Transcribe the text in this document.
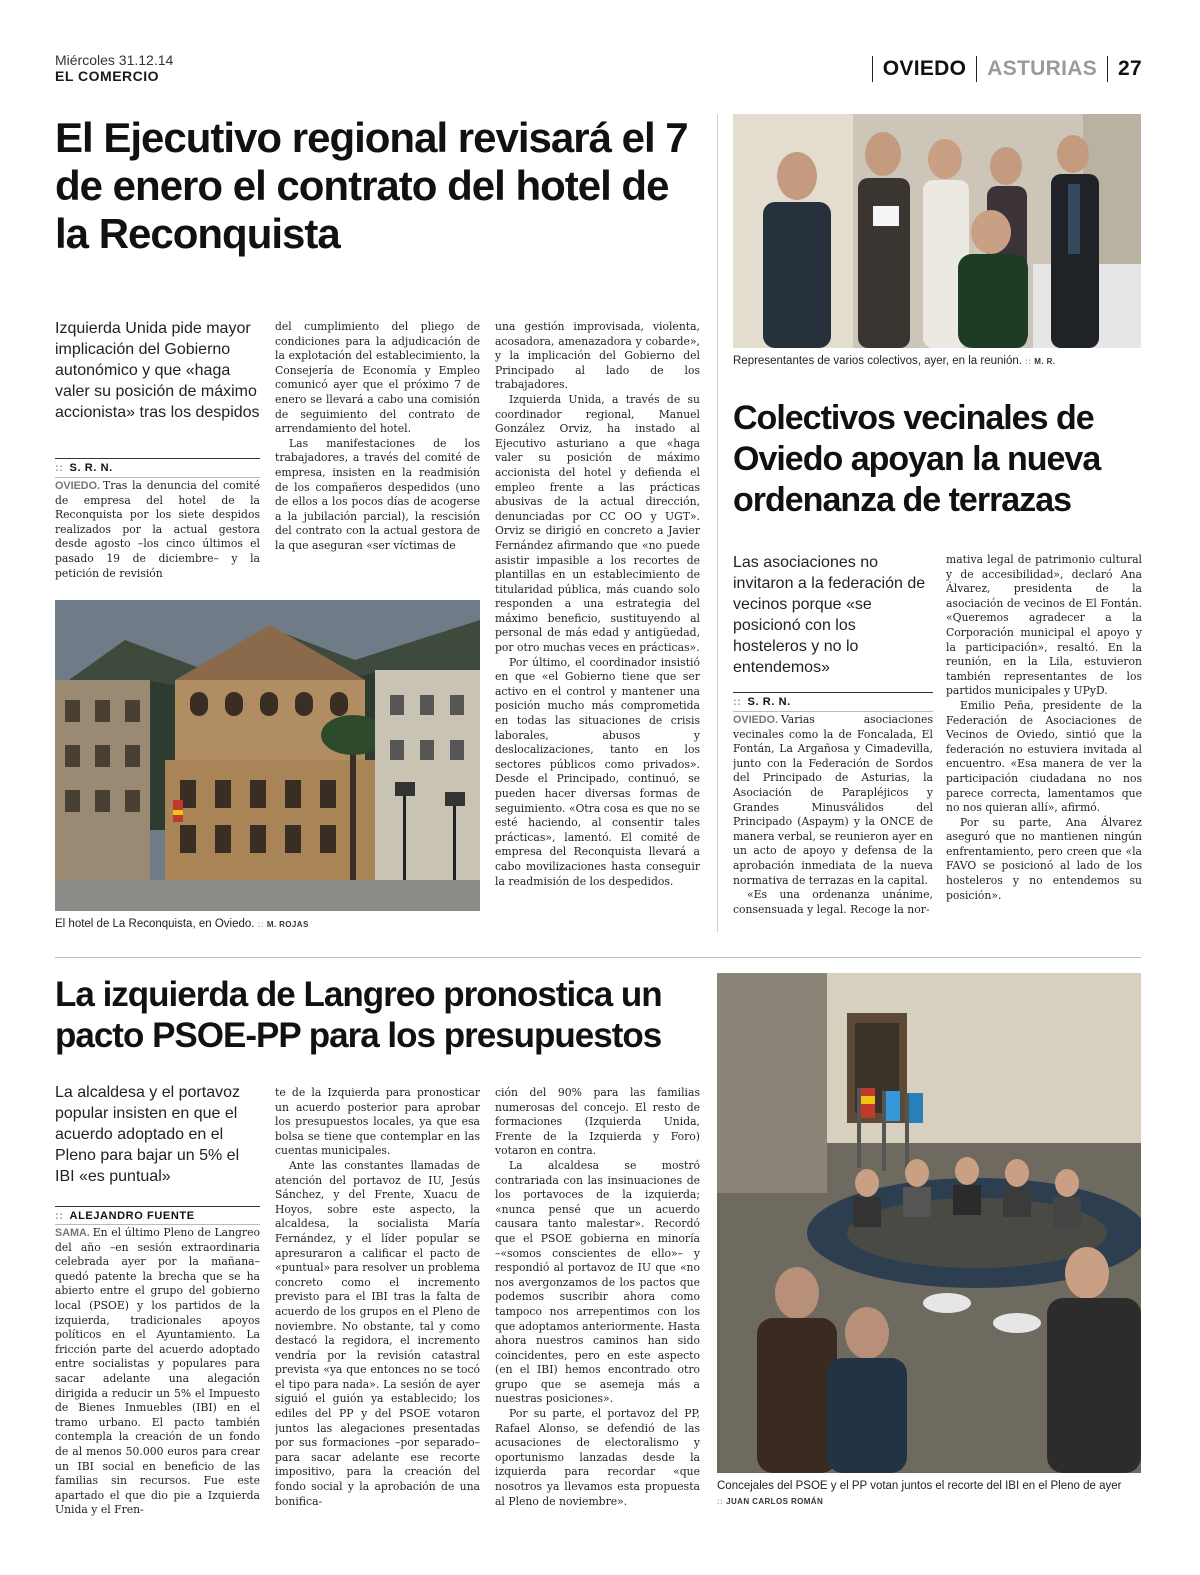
Miércoles 31.12.14
EL COMERCIO	OVIEDO ASTURIAS 27
El Ejecutivo regional revisará el 7 de enero el contrato del hotel de la Reconquista
Izquierda Unida pide mayor implicación del Gobierno autonómico y que «haga valer su posición de máximo accionista» tras los despidos
:: S. R. N.

OVIEDO. Tras la denuncia del comité de empresa del hotel de la Reconquista por los siete despidos realizados por la actual gestora desde agosto –los cinco últimos el pasado 19 de diciembre– y la petición de revisión

del cumplimiento del pliego de condiciones para la adjudicación de la explotación del establecimiento, la Consejería de Economía y Empleo comunicó ayer que el próximo 7 de enero se llevará a cabo una comisión de seguimiento del contrato de arrendamiento del hotel.

Las manifestaciones de los trabajadores, a través del comité de empresa, insisten en la readmisión de los compañeros despedidos (uno de ellos a los pocos días de acogerse a la jubilación parcial), la rescisión del contrato con la actual gestora de la que aseguran «ser víctimas de

una gestión improvisada, violenta, acosadora, amenazadora y cobarde», y la implicación del Gobierno del Principado al lado de los trabajadores.

Izquierda Unida, a través de su coordinador regional, Manuel González Orviz, ha instado al Ejecutivo asturiano a que «haga valer su posición de máximo accionista del hotel y defienda el empleo frente a las prácticas abusivas de la actual dirección, denunciadas por CC OO y UGT». Orviz se dirigió en concreto a Javier Fernández afirmando que «no puede asistir impasible a los recortes de plantillas en un establecimiento de titularidad pública, más cuando solo responden a una estrategia del máximo beneficio, sustituyendo al personal de más edad y antigüedad, por otro muchas veces en prácticas».

Por último, el coordinador insistió en que «el Gobierno tiene que ser activo en el control y mantener una posición mucho más comprometida en todas las situaciones de crisis laborales, abusos y deslocalizaciones, tanto en los sectores públicos como privados». Desde el Principado, continuó, se pueden hacer diversas formas de seguimiento. «Otra cosa es que no se esté haciendo, al consentir tales prácticas», lamentó. El comité de empresa del Reconquista llevará a cabo movilizaciones hasta conseguir la readmisión de los despedidos.

El hotel de La Reconquista, en Oviedo. :: M. ROJAS
Representantes de varios colectivos, ayer, en la reunión. :: M. R.
Colectivos vecinales de Oviedo apoyan la nueva ordenanza de terrazas
Las asociaciones no invitaron a la federación de vecinos porque «se posicionó con los hosteleros y no lo entendemos»
:: S. R. N.

OVIEDO. Varias asociaciones vecinales como la de Foncalada, El Fontán, La Argañosa y Cimadevilla, junto con la Federación de Sordos del Principado de Asturias, la Asociación de Parapléjicos y Grandes Minusválidos del Principado (Aspaym) y la ONCE de manera verbal, se reunieron ayer en un acto de apoyo y defensa de la aprobación inmediata de la nueva normativa de terrazas en la capital.

«Es una ordenanza unánime, consensuada y legal. Recoge la nor-

mativa legal de patrimonio cultural y de accesibilidad», declaró Ana Álvarez, presidenta de la asociación de vecinos de El Fontán. «Queremos agradecer a la Corporación municipal el apoyo y la participación», resaltó. En la reunión, en la Lila, estuvieron también representantes de los partidos municipales y UPyD.

Emilio Peña, presidente de la Federación de Asociaciones de Vecinos de Oviedo, sintió que la federación no estuviera invitada al encuentro. «Esa manera de ver la participación ciudadana no nos parece correcta, lamentamos que no nos quieran allí», afirmó.

Por su parte, Ana Álvarez aseguró que no mantienen ningún enfrentamiento, pero creen que «la FAVO se posicionó al lado de los hosteleros y no entendemos su posición».

La izquierda de Langreo pronostica un pacto PSOE-PP para los presupuestos
La alcaldesa y el portavoz popular insisten en que el acuerdo adoptado en el Pleno para bajar un 5% el IBI «es puntual»
:: ALEJANDRO FUENTE

SAMA. En el último Pleno de Langreo del año –en sesión extraordinaria celebrada ayer por la mañana– quedó patente la brecha que se ha abierto entre el grupo del gobierno local (PSOE) y los partidos de la izquierda, tradicionales apoyos políticos en el Ayuntamiento. La fricción parte del acuerdo adoptado entre socialistas y populares para sacar adelante una alegación dirigida a reducir un 5% el Impuesto de Bienes Inmuebles (IBI) en el tramo urbano. El pacto también contempla la creación de un fondo de al menos 50.000 euros para crear un IBI social en beneficio de las familias sin recursos. Fue este apartado el que dio pie a Izquierda Unida y el Fren-

te de la Izquierda para pronosticar un acuerdo posterior para aprobar los presupuestos locales, ya que esa bolsa se tiene que contemplar en las cuentas municipales.

Ante las constantes llamadas de atención del portavoz de IU, Jesús Sánchez, y del Frente, Xuacu de Hoyos, sobre este aspecto, la alcaldesa, la socialista María Fernández, y el líder popular se apresuraron a calificar el pacto de «puntual» para resolver un problema concreto como el incremento previsto para el IBI tras la falta de acuerdo de los grupos en el Pleno de noviembre. No obstante, tal y como destacó la regidora, el incremento vendría por la revisión catastral prevista «ya que entonces no se tocó el tipo para nada». La sesión de ayer siguió el guión ya establecido; los ediles del PP y del PSOE votaron juntos las alegaciones presentadas por sus formaciones –por separado– para sacar adelante ese recorte impositivo, para la creación del fondo social y la aprobación de una bonifica-

ción del 90% para las familias numerosas del concejo. El resto de formaciones (Izquierda Unida, Frente de la Izquierda y Foro) votaron en contra.

La alcaldesa se mostró contrariada con las insinuaciones de los portavoces de la izquierda; «nunca pensé que un acuerdo causara tanto malestar». Recordó que el PSOE gobierna en minoría –«somos conscientes de ello»– y respondió al portavoz de IU que «no nos avergonzamos de los pactos que podemos suscribir ahora como tampoco nos arrepentimos con los que adoptamos anteriormente. Hasta ahora nuestros caminos han sido coincidentes, pero en este aspecto (en el IBI) hemos encontrado otro grupo que se asemeja más a nuestras posiciones».

Por su parte, el portavoz del PP, Rafael Alonso, se defendió de las acusaciones de electoralismo y oportunismo lanzadas desde la izquierda para recordar «que nosotros ya llevamos esta propuesta al Pleno de noviembre».

Concejales del PSOE y el PP votan juntos el recorte del IBI en el Pleno de ayer :: JUAN CARLOS ROMÁN
